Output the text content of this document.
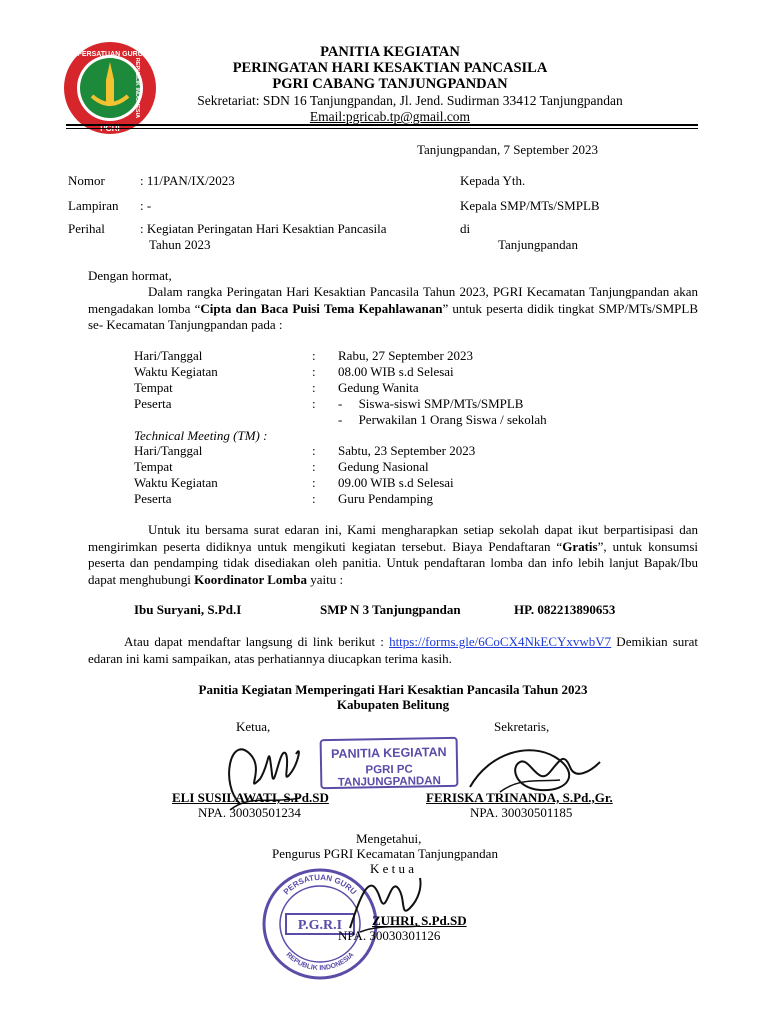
PERSATUAN GURU
REPUBLIK INDONESIA
PANITIA KEGIATAN
PERINGATAN HARI KESAKTIAN PANCASILA
PGRI CABANG TANJUNGPANDAN
Sekretariat: SDN 16 Tanjungpandan, Jl. Jend. Sudirman 33412 Tanjungpandan
Email:pgricab.tp@gmail.com
Tanjungpandan, 7 September 2023
Nomor	: 11/PAN/IX/2023
Lampiran : -
Perihal	: Kegiatan Peringatan Hari Kesaktian Pancasila
Tahun 2023
Kepada Yth.
Kepala SMP/MTs/SMPLB
di
Tanjungpandan
Dengan hormat,
Dalam rangka Peringatan Hari Kesaktian Pancasila Tahun 2023, PGRI Kecamatan Tanjungpandan akan mengadakan lomba “Cipta dan Baca Puisi Tema Kepahlawanan” untuk peserta didik tingkat SMP/MTs/SMPLB se- Kecamatan Tanjungpandan pada :
Hari/Tanggal	: Rabu, 27 September 2023
Waktu Kegiatan	: 08.00 WIB s.d Selesai
Tempat	: Gedung Wanita
Peserta	: -     Siswa-siswi SMP/MTs/SMPLB
-     Perwakilan 1 Orang Siswa / sekolah
Technical Meeting (TM) :
Hari/Tanggal	: Sabtu, 23 September 2023
Tempat	: Gedung Nasional
Waktu Kegiatan	: 09.00 WIB s.d Selesai
Peserta	: Guru Pendamping
Untuk itu bersama surat edaran ini, Kami mengharapkan setiap sekolah dapat ikut berpartisipasi dan mengirimkan peserta didiknya untuk mengikuti kegiatan tersebut. Biaya Pendaftaran “Gratis”, untuk konsumsi peserta dan pendamping tidak disediakan oleh panitia. Untuk pendaftaran lomba dan info lebih lanjut Bapak/Ibu dapat menghubungi Koordinator Lomba yaitu :
Ibu Suryani, S.Pd.I	SMP N 3 Tanjungpandan	HP. 082213890653
Atau dapat mendaftar langsung di link berikut : https://forms.gle/6CoCX4NkECYxvwbV7 Demikian surat edaran ini kami sampaikan, atas perhatiannya diucapkan terima kasih.
Panitia Kegiatan Memperingati Hari Kesaktian Pancasila Tahun 2023
Kabupaten Belitung
Ketua,	Sekretaris,
PANITIA KEGIATAN
PGRI PC TANJUNGPANDAN
ELI SUSILAWATI, S.Pd.SD
NPA. 30030501234
FERISKA TRINANDA, S.Pd.,Gr.
NPA. 30030501185
Mengetahui,
Pengurus PGRI Kecamatan Tanjungpandan
K e t u a
PERSATUAN GURU
REPUBLIK INDONESIA
P.G.R.I ZUHRI, S.Pd.SD
NPA. 30030301126
